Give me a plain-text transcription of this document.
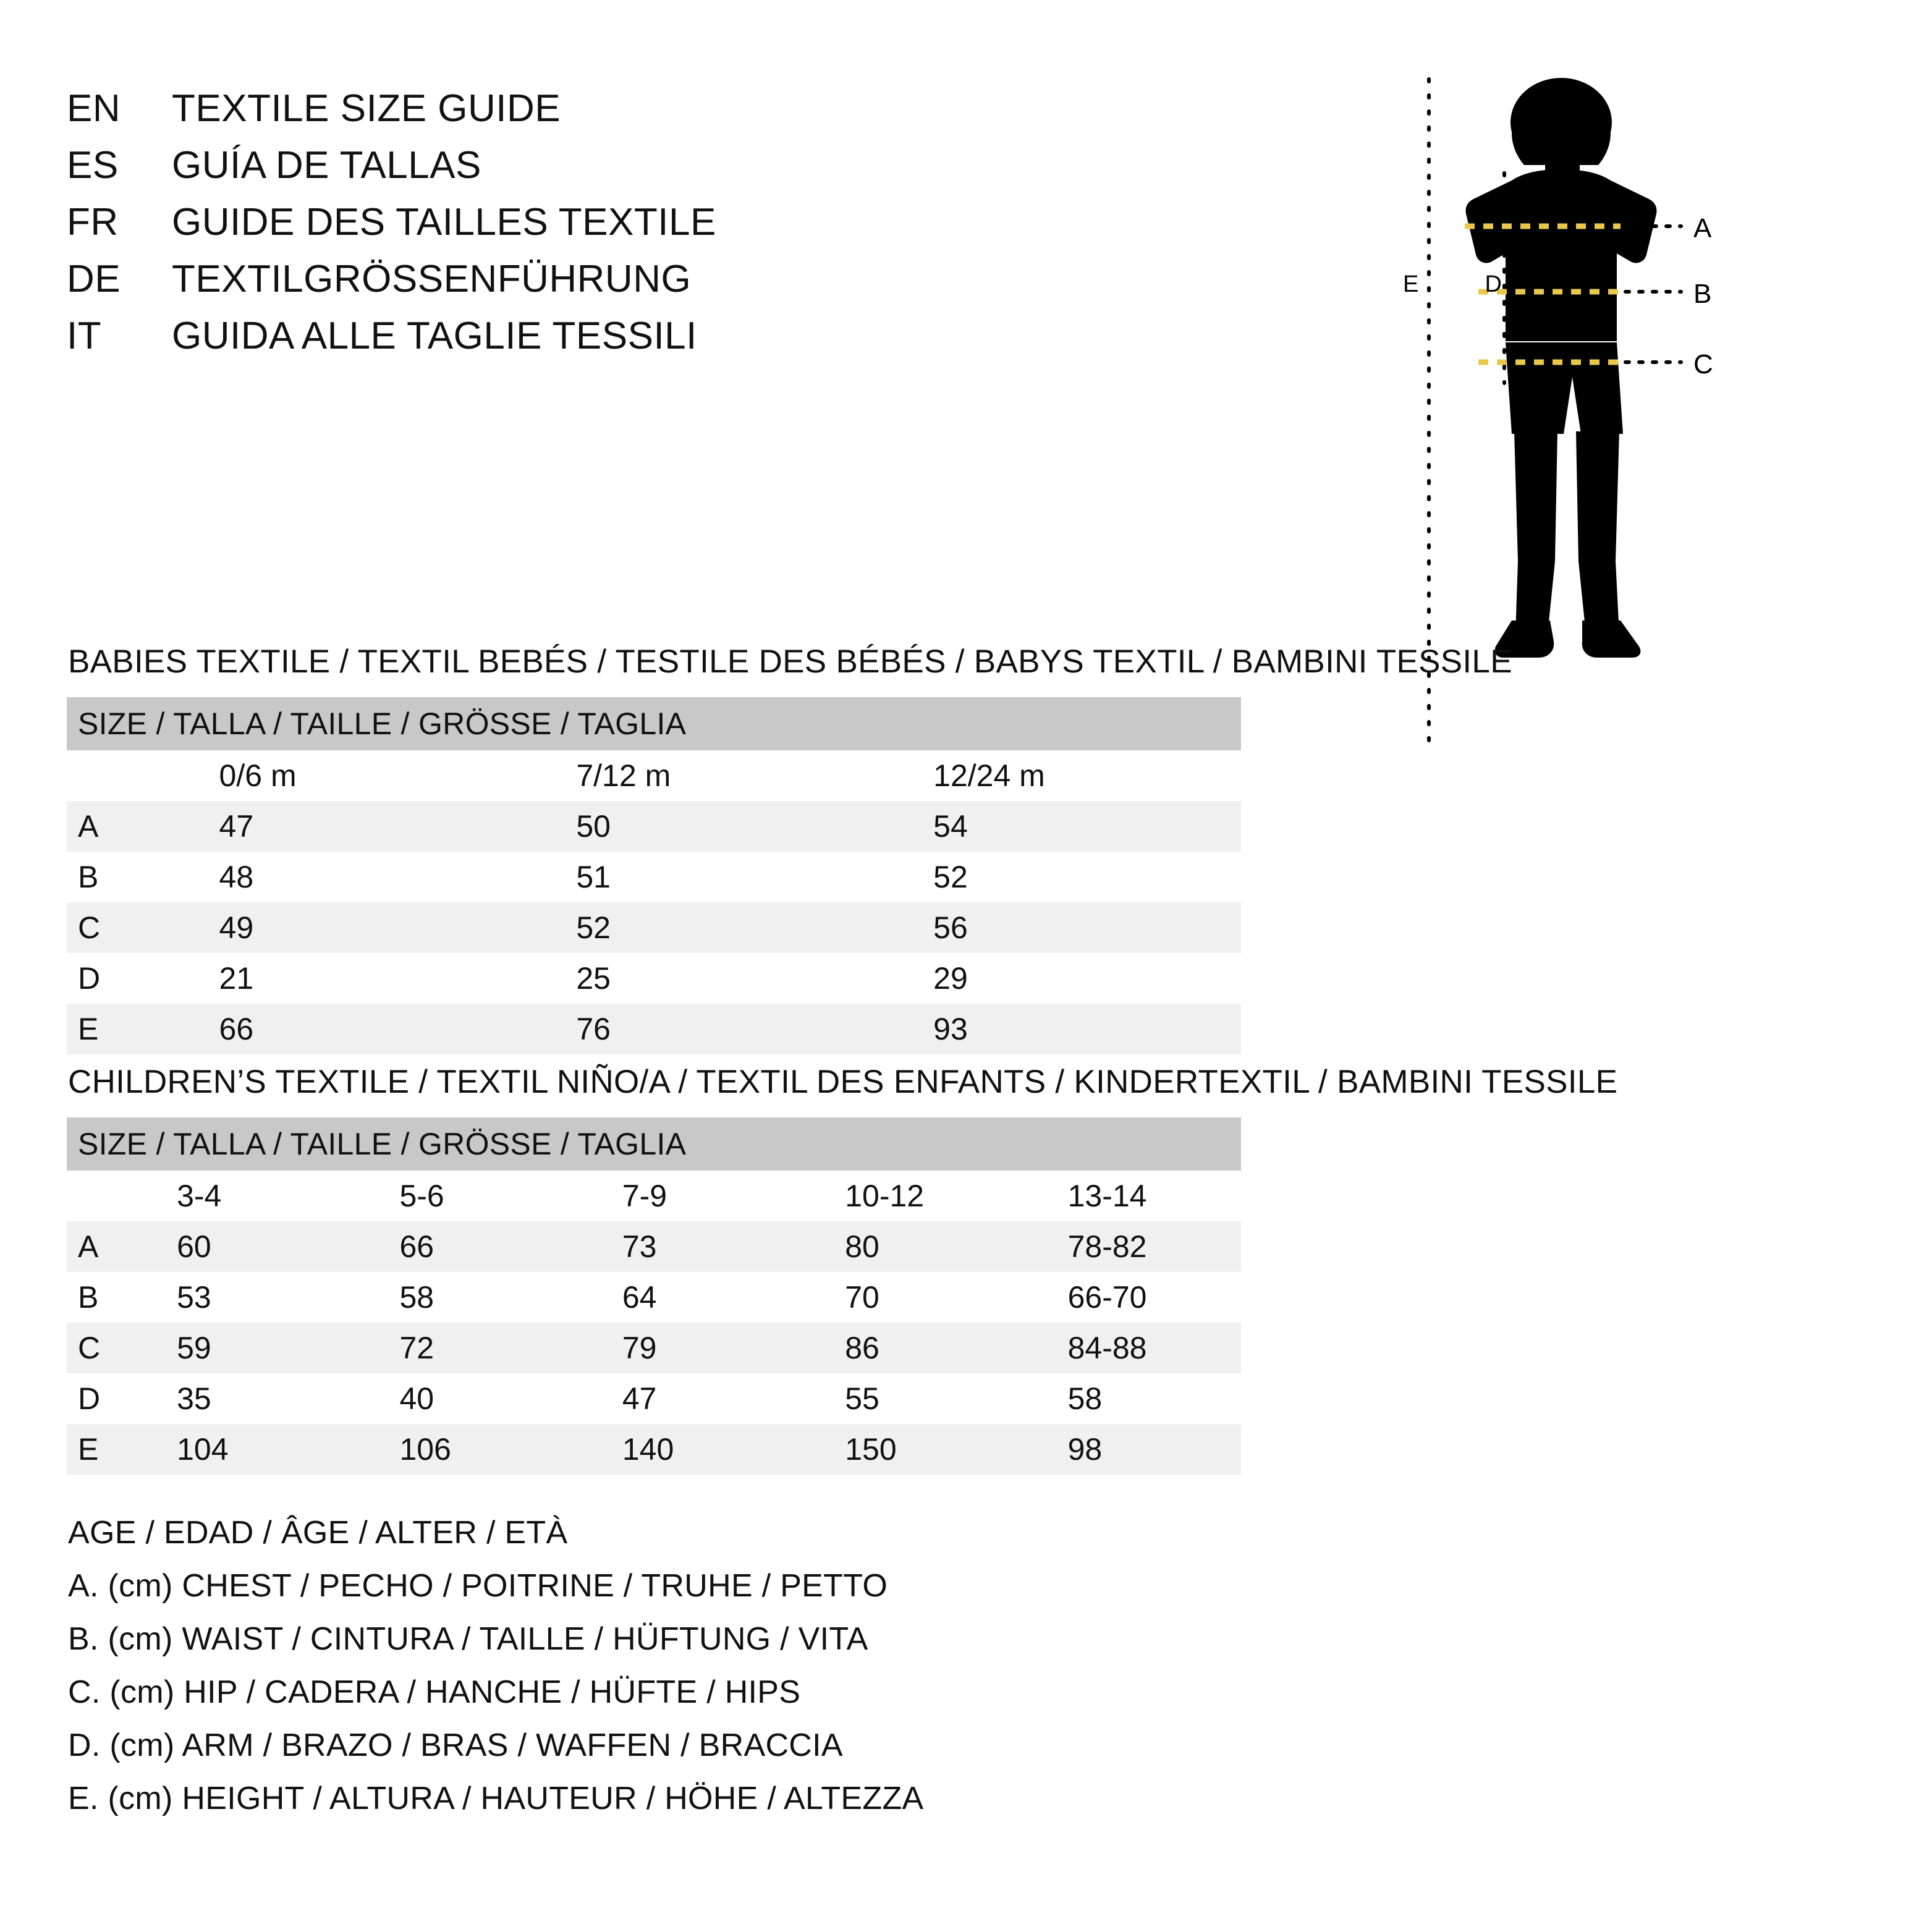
EN	TEXTILE SIZE GUIDE
ES	GUÍA DE TALLAS
FR	GUIDE DES TAILLES TEXTILE
DE	TEXTILGRÖSSENFÜHRUNG
IT	GUIDA ALLE TAGLIE TESSILI
A
B
C
D
E
BABIES TEXTILE / TEXTIL BEBÉS / TESTILE DES BÉBÉS / BABYS TEXTIL / BAMBINI TESSILE
SIZE / TALLA / TAILLE / GRÖSSE / TAGLIA			
	0/6 m	7/12 m	12/24 m
A	47	50	54
B	48	51	52
C	49	52	56
D	21	25	29
E	66	76	93
CHILDREN’S TEXTILE / TEXTIL NIÑO/A / TEXTIL DES ENFANTS / KINDERTEXTIL / BAMBINI TESSILE
SIZE / TALLA / TAILLE / GRÖSSE / TAGLIA					
	3-4	5-6	7-9	10-12	13-14
A	60	66	73	80	78-82
B	53	58	64	70	66-70
C	59	72	79	86	84-88
D	35	40	47	55	58
E	104	106	140	150	98
AGE / EDAD / ÂGE / ALTER / ETÀ
A. (cm) CHEST / PECHO / POITRINE / TRUHE / PETTO
B. (cm) WAIST / CINTURA / TAILLE / HÜFTUNG / VITA
C. (cm) HIP / CADERA / HANCHE / HÜFTE / HIPS
D. (cm) ARM / BRAZO / BRAS / WAFFEN / BRACCIA
E. (cm) HEIGHT / ALTURA / HAUTEUR / HÖHE / ALTEZZA
